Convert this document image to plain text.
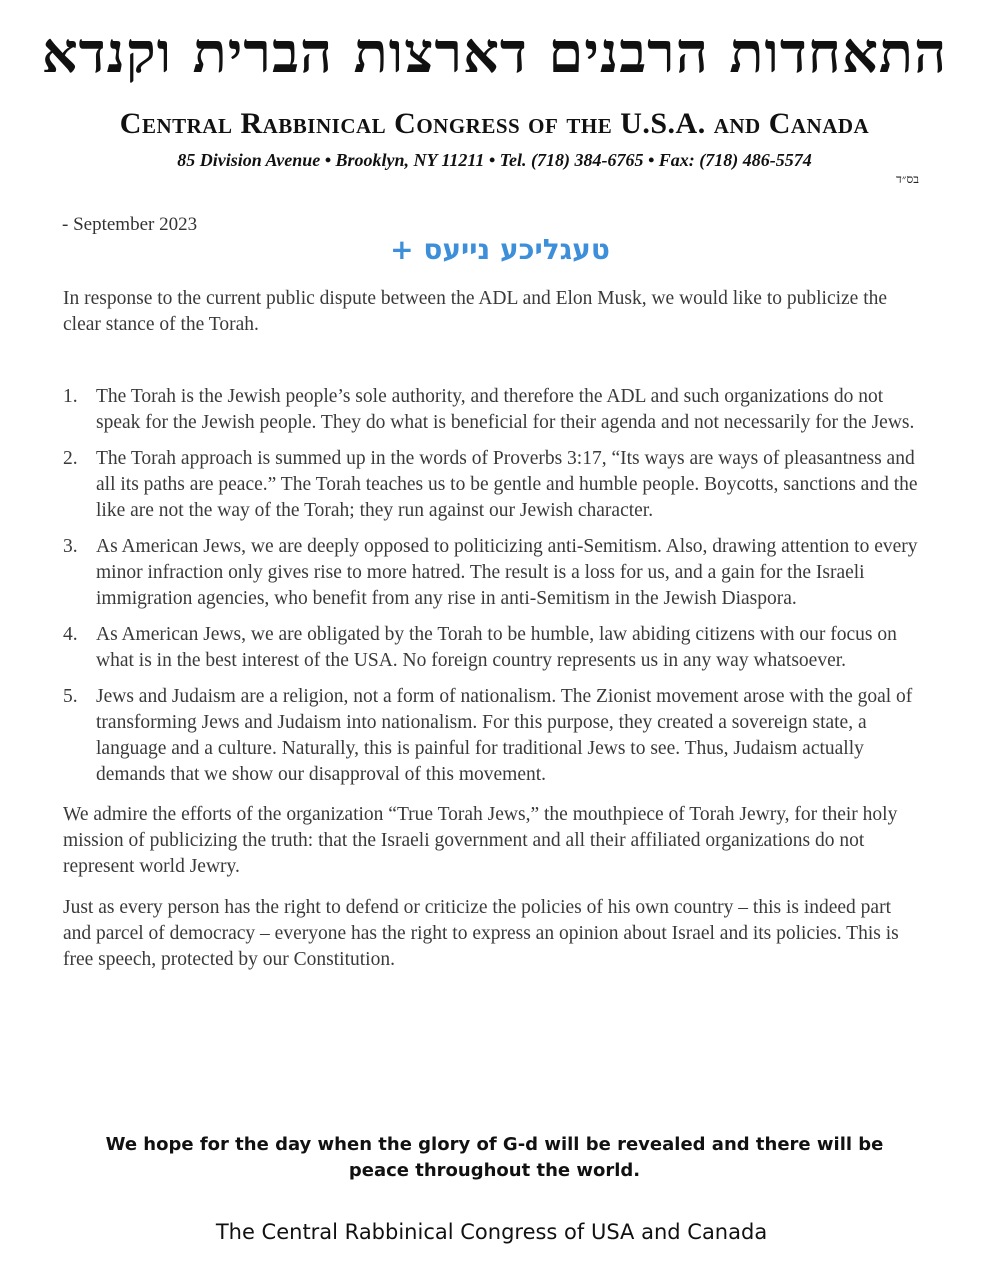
התאחדות הרבנים דארצות הברית וקנדא
Central Rabbinical Congress of the U.S.A. and Canada
85 Division Avenue • Brooklyn, NY 11211 • Tel. (718) 384-6765 • Fax: (718) 486-5574
בס״ד
- September 2023
טעגליכע נייעס +

In response to the current public dispute between the ADL and Elon Musk, we would like to publicize the clear stance of the Torah.

1. The Torah is the Jewish people’s sole authority, and therefore the ADL and such organizations do not speak for the Jewish people. They do what is beneficial for their agenda and not necessarily for the Jews.
2. The Torah approach is summed up in the words of Proverbs 3:17, “Its ways are ways of pleasantness and all its paths are peace.” The Torah teaches us to be gentle and humble people. Boycotts, sanctions and the like are not the way of the Torah; they run against our Jewish character.
3. As American Jews, we are deeply opposed to politicizing anti-Semitism. Also, drawing attention to every minor infraction only gives rise to more hatred. The result is a loss for us, and a gain for the Israeli immigration agencies, who benefit from any rise in anti-Semitism in the Jewish Diaspora.
4. As American Jews, we are obligated by the Torah to be humble, law abiding citizens with our focus on what is in the best interest of the USA. No foreign country represents us in any way whatsoever.
5. Jews and Judaism are a religion, not a form of nationalism. The Zionist movement arose with the goal of transforming Jews and Judaism into nationalism. For this purpose, they created a sovereign state, a language and a culture. Naturally, this is painful for traditional Jews to see. Thus, Judaism actually demands that we show our disapproval of this movement.

We admire the efforts of the organization “True Torah Jews,” the mouthpiece of Torah Jewry, for their holy mission of publicizing the truth: that the Israeli government and all their affiliated organizations do not represent world Jewry.

Just as every person has the right to defend or criticize the policies of his own country – this is indeed part and parcel of democracy – everyone has the right to express an opinion about Israel and its policies. This is free speech, protected by our Constitution.

We hope for the day when the glory of G-d will be revealed and there will be peace throughout the world.
The Central Rabbinical Congress of USA and Canada
